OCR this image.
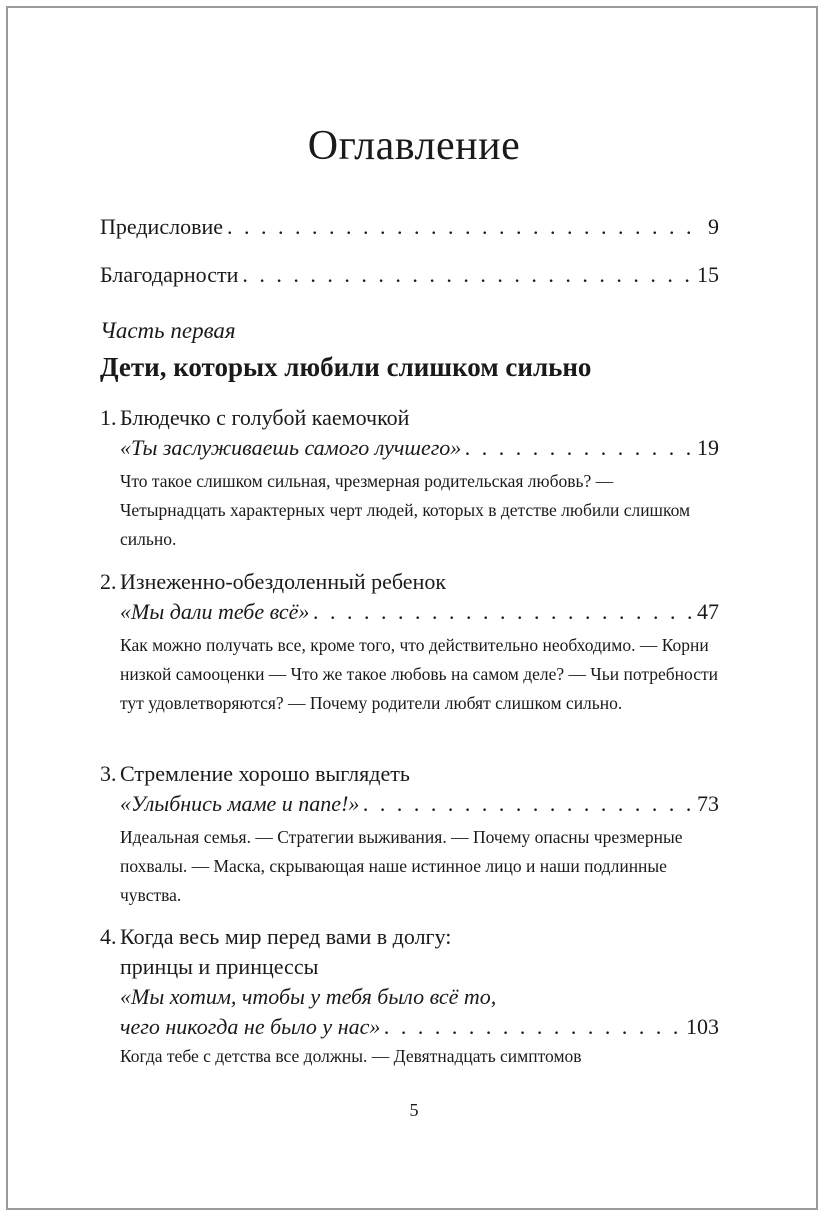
Оглавление
Предисловие . . .	9
Благодарности . . .	15
Часть первая
Дети, которых любили слишком сильно
1. Блюдечко с голубой каемочкой
«Ты заслуживаешь самого лучшего» . . .	19
Что такое слишком сильная, чрезмерная родительская любовь? — Четырнадцать характерных черт людей, которых в детстве любили слишком сильно.
2. Изнеженно-обездоленный ребенок
«Мы дали тебе всё» . . .	47
Как можно получать все, кроме того, что действительно необходимо. — Корни низкой самооценки — Что же такое любовь на самом деле? — Чьи потребности тут удовлетворяются? — Почему родители любят слишком сильно.
3. Стремление хорошо выглядеть
«Улыбнись маме и папе!» . . .	73
Идеальная семья. — Стратегии выживания. — Почему опасны чрезмерные похвалы. — Маска, скрывающая наше истинное лицо и наши подлинные чувства.
4. Когда весь мир перед вами в долгу:
принцы и принцессы
«Мы хотим, чтобы у тебя было всё то,
чего никогда не было у нас» . . .	103
Когда тебе с детства все должны. — Девятнадцать симптомов
5
